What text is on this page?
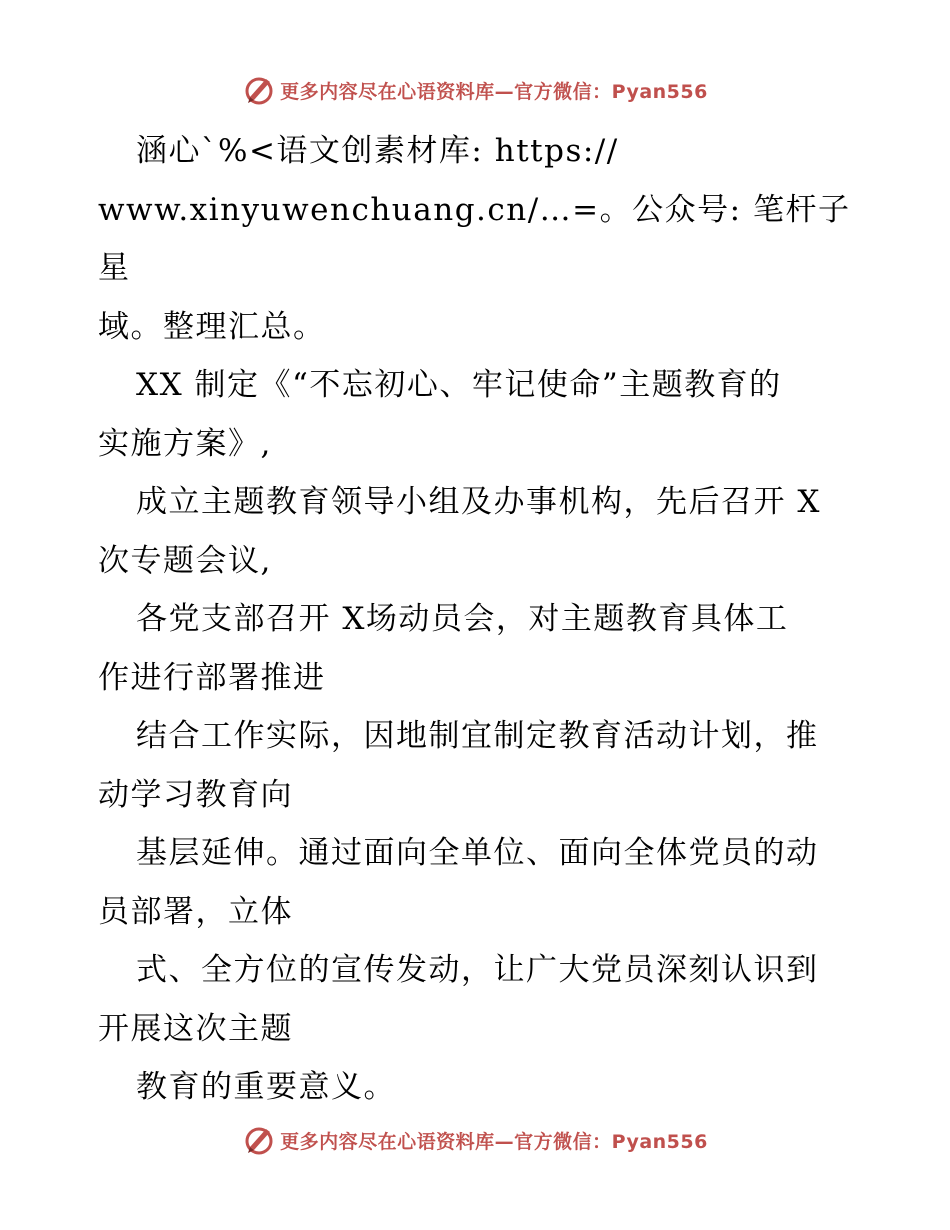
更多内容尽在心语资料库—官方微信：Pyan556

涵心`%<语文创素材库: https://

www.xinyuwenchuang.cn/…=。公众号: 笔杆子星

域。整理汇总。

XX 制定《“不忘初心、牢记使命”主题教育的

实施方案》,

成立主题教育领导小组及办事机构，先后召开 X

次专题会议,

各党支部召开 X场动员会，对主题教育具体工

作进行部署推进

结合工作实际，因地制宜制定教育活动计划，推

动学习教育向

基层延伸。通过面向全单位、面向全体党员的动

员部署，立体

式、全方位的宣传发动，让广大党员深刻认识到

开展这次主题

教育的重要意义。

更多内容尽在心语资料库—官方微信：Pyan556
